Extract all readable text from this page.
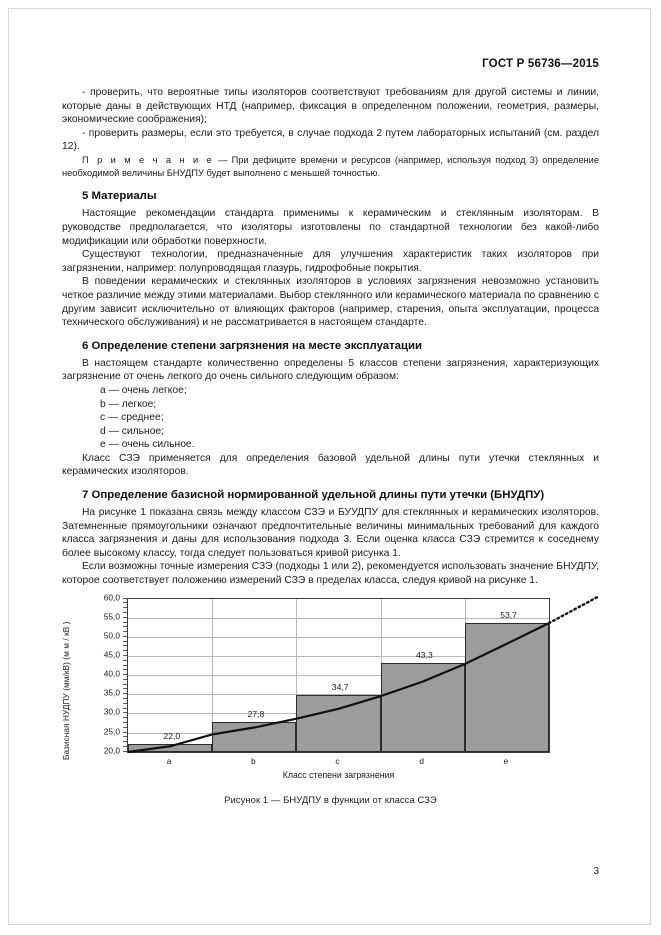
ГОСТ Р 56736—2015

- проверить, что вероятные типы изоляторов соответствуют требованиям для другой системы и линии, которые даны в действующих НТД (например, фиксация в определенном положении, геометрия, размеры, экономические соображения);

- проверить размеры, если это требуется, в случае подхода 2 путем лабораторных испытаний (см. раздел 12).

П р и м е ч а н и е — При дефиците времени и ресурсов (например, используя подход 3) определение необходимой величины БНУДПУ будет выполнено с меньшей точностью.

5 Материалы

Настоящие рекомендации стандарта применимы к керамическим и стеклянным изоляторам. В руководстве предполагается, что изоляторы изготовлены по стандартной технологии без какой-либо модификации или обработки поверхности.

Существуют технологии, предназначенные для улучшения характеристик таких изоляторов при загрязнении, например: полупроводящая глазурь, гидрофобные покрытия.

В поведении керамических и стеклянных изоляторов в условиях загрязнения невозможно установить четкое различие между этими материалами. Выбор стеклянного или керамического материала по сравнению с другим зависит исключительно от влияющих факторов (например, старения, опыта эксплуатации, процесса технического обслуживания) и не рассматривается в настоящем стандарте.

6 Определение степени загрязнения на месте эксплуатации

В настоящем стандарте количественно определены 5 классов степени загрязнения, характеризующих загрязнение от очень легкого до очень сильного следующим образом:

a — очень легкое;
b — легкое;
c — среднее;
d — сильное;
e — очень сильное.

Класс СЗЭ применяется для определения базовой удельной длины пути утечки стеклянных и керамических изоляторов.

7 Определение базисной нормированной удельной длины пути утечки (БНУДПУ)

На рисунке 1 показана связь между классом СЗЭ и БУУДПУ для стеклянных и керамических изоляторов. Затемненные прямоугольники означают предпочтительные величины минимальных требований для каждого класса загрязнения и даны для использования подхода 3. Если оценка класса СЗЭ стремится к соседнему более высокому классу, тогда следует пользоваться кривой рисунка 1.

Если возможны точные измерения СЗЭ (подходы 1 или 2), рекомендуется использовать значение БНУДПУ, которое соответствует положению измерений СЗЭ в пределах класса, следуя кривой на рисунке 1.

Базисная НУДПУ (мм/кВ) (м м / кВ )
60,0
55,0
50,0
45,0
40,0
35,0
30,0
25,0
20,0
22,0
27,8
34,7
43,3
53,7
a	b	c	d	e
Класс степени загрязнения
Рисунок 1 — БНУДПУ в функции от класса СЗЭ
3
